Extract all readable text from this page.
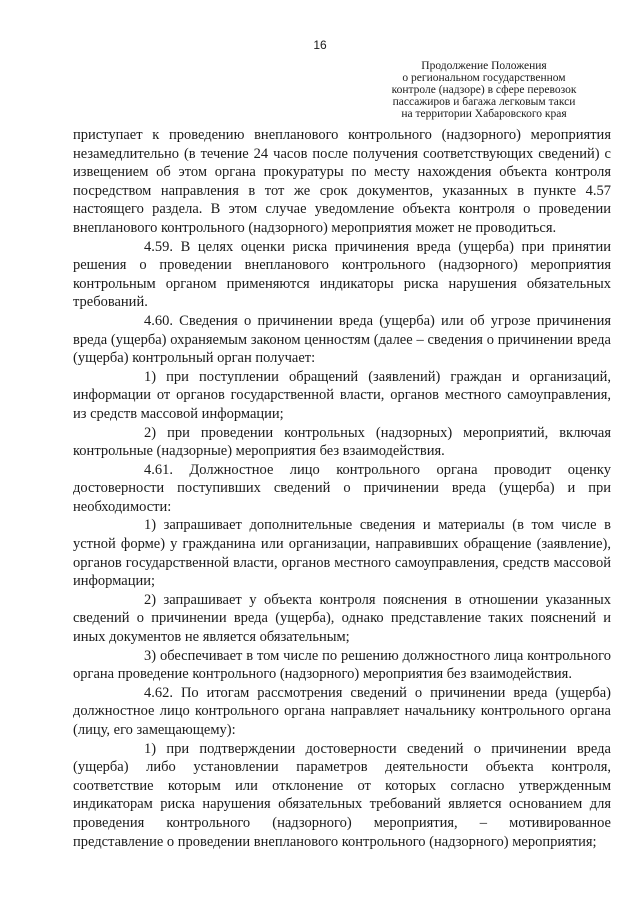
16
Продолжение Положения
о региональном государственном
контроле (надзоре) в сфере перевозок
пассажиров и багажа легковым такси
на территории Хабаровского края

приступает к проведению внепланового контрольного (надзорного) мероприятия незамедлительно (в течение 24 часов после получения соответствующих сведений) с извещением об этом органа прокуратуры по месту нахождения объекта контроля посредством направления в тот же срок документов, указанных в пункте 4.57 настоящего раздела. В этом случае уведомление объекта контроля о проведении внепланового контрольного (надзорного) мероприятия может не проводиться.

4.59. В целях оценки риска причинения вреда (ущерба) при принятии решения о проведении внепланового контрольного (надзорного) мероприятия контрольным органом применяются индикаторы риска нарушения обязательных требований.

4.60. Сведения о причинении вреда (ущерба) или об угрозе причинения вреда (ущерба) охраняемым законом ценностям (далее – сведения о причинении вреда (ущерба) контрольный орган получает:

1) при поступлении обращений (заявлений) граждан и организаций, информации от органов государственной власти, органов местного самоуправления, из средств массовой информации;

2) при проведении контрольных (надзорных) мероприятий, включая контрольные (надзорные) мероприятия без взаимодействия.

4.61. Должностное лицо контрольного органа проводит оценку достоверности поступивших сведений о причинении вреда (ущерба) и при необходимости:

1) запрашивает дополнительные сведения и материалы (в том числе в устной форме) у гражданина или организации, направивших обращение (заявление), органов государственной власти, органов местного самоуправления, средств массовой информации;

2) запрашивает у объекта контроля пояснения в отношении указанных сведений о причинении вреда (ущерба), однако представление таких пояснений и иных документов не является обязательным;

3) обеспечивает в том числе по решению должностного лица контрольного органа проведение контрольного (надзорного) мероприятия без взаимодействия.

4.62. По итогам рассмотрения сведений о причинении вреда (ущерба) должностное лицо контрольного органа направляет начальнику контрольного органа (лицу, его замещающему):

1) при подтверждении достоверности сведений о причинении вреда (ущерба) либо установлении параметров деятельности объекта контроля, соответствие которым или отклонение от которых согласно утвержденным индикаторам риска нарушения обязательных требований является основанием для проведения контрольного (надзорного) мероприятия, – мотивированное представление о проведении внепланового контрольного (надзорного) мероприятия;
